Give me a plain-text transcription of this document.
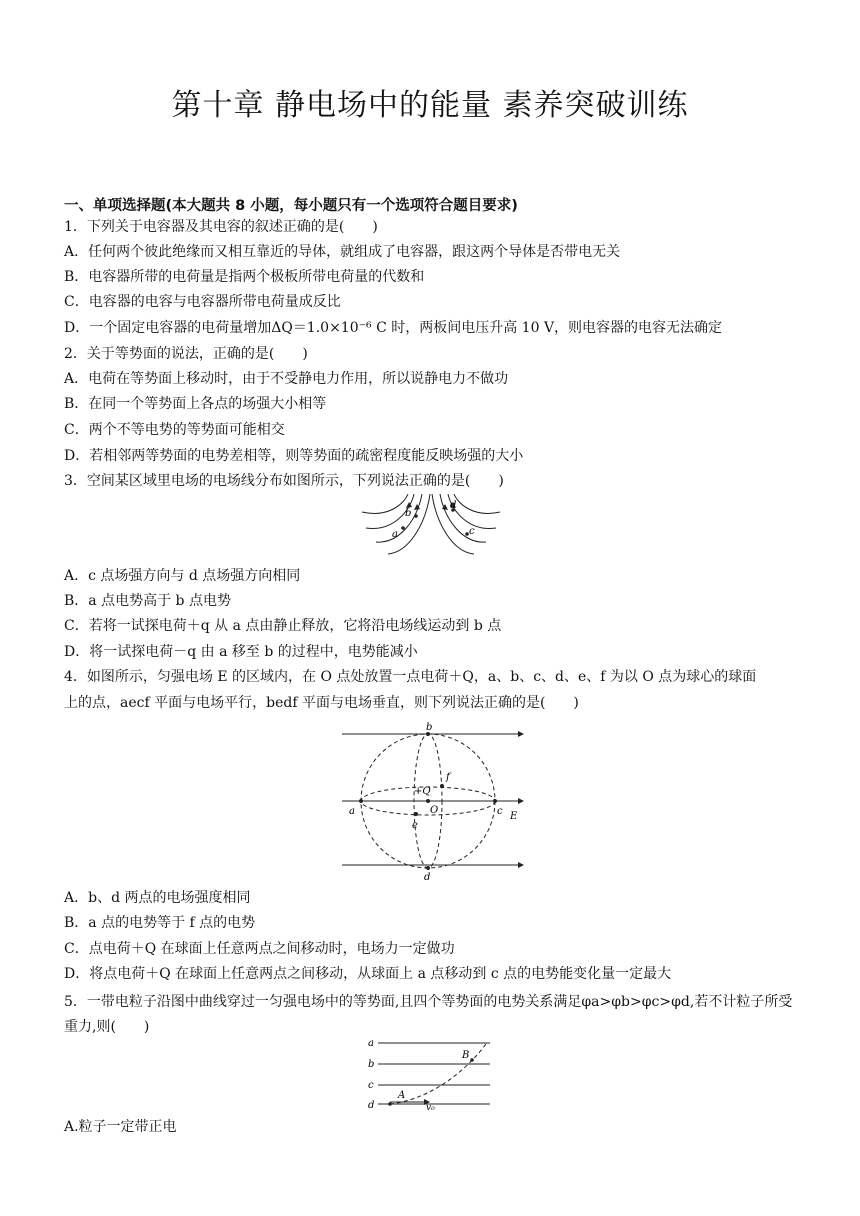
第十章 静电场中的能量 素养突破训练
一、单项选择题(本大题共 8 小题，每小题只有一个选项符合题目要求)
1．下列关于电容器及其电容的叙述正确的是(　　)
A．任何两个彼此绝缘而又相互靠近的导体，就组成了电容器，跟这两个导体是否带电无关
B．电容器所带的电荷量是指两个极板所带电荷量的代数和
C．电容器的电容与电容器所带电荷量成反比
D．一个固定电容器的电荷量增加ΔQ＝1.0×10⁻⁶ C 时，两板间电压升高 10 V，则电容器的电容无法确定
2．关于等势面的说法，正确的是(　　)
A．电荷在等势面上移动时，由于不受静电力作用，所以说静电力不做功
B．在同一个等势面上各点的场强大小相等
C．两个不等电势的等势面可能相交
D．若相邻两等势面的电势差相等，则等势面的疏密程度能反映场强的大小
3．空间某区域里电场的电场线分布如图所示，下列说法正确的是(　　)
b
a
d
c
A．c 点场强方向与 d 点场强方向相同
B．a 点电势高于 b 点电势
C．若将一试探电荷＋q 从 a 点由静止释放，它将沿电场线运动到 b 点
D．将一试探电荷－q 由 a 移至 b 的过程中，电势能减小
4．如图所示，匀强电场 E 的区域内，在 O 点处放置一点电荷＋Q，a、b、c、d、e、f 为以 O 点为球心的球面
上的点，aecf 平面与电场平行，bedf 平面与电场垂直，则下列说法正确的是(　　)
b
d
a	c
e
f
O
+Q
E
A．b、d 两点的电场强度相同
B．a 点的电势等于 f 点的电势
C．点电荷＋Q 在球面上任意两点之间移动时，电场力一定做功
D．将点电荷＋Q 在球面上任意两点之间移动，从球面上 a 点移动到 c 点的电势能变化量一定最大
5．一带电粒子沿图中曲线穿过一匀强电场中的等势面,且四个等势面的电势关系满足φa>φb>φc>φd,若不计粒子所受重力,则(　　)
a
b
c
d
A
B
v₀
A.粒子一定带正电
